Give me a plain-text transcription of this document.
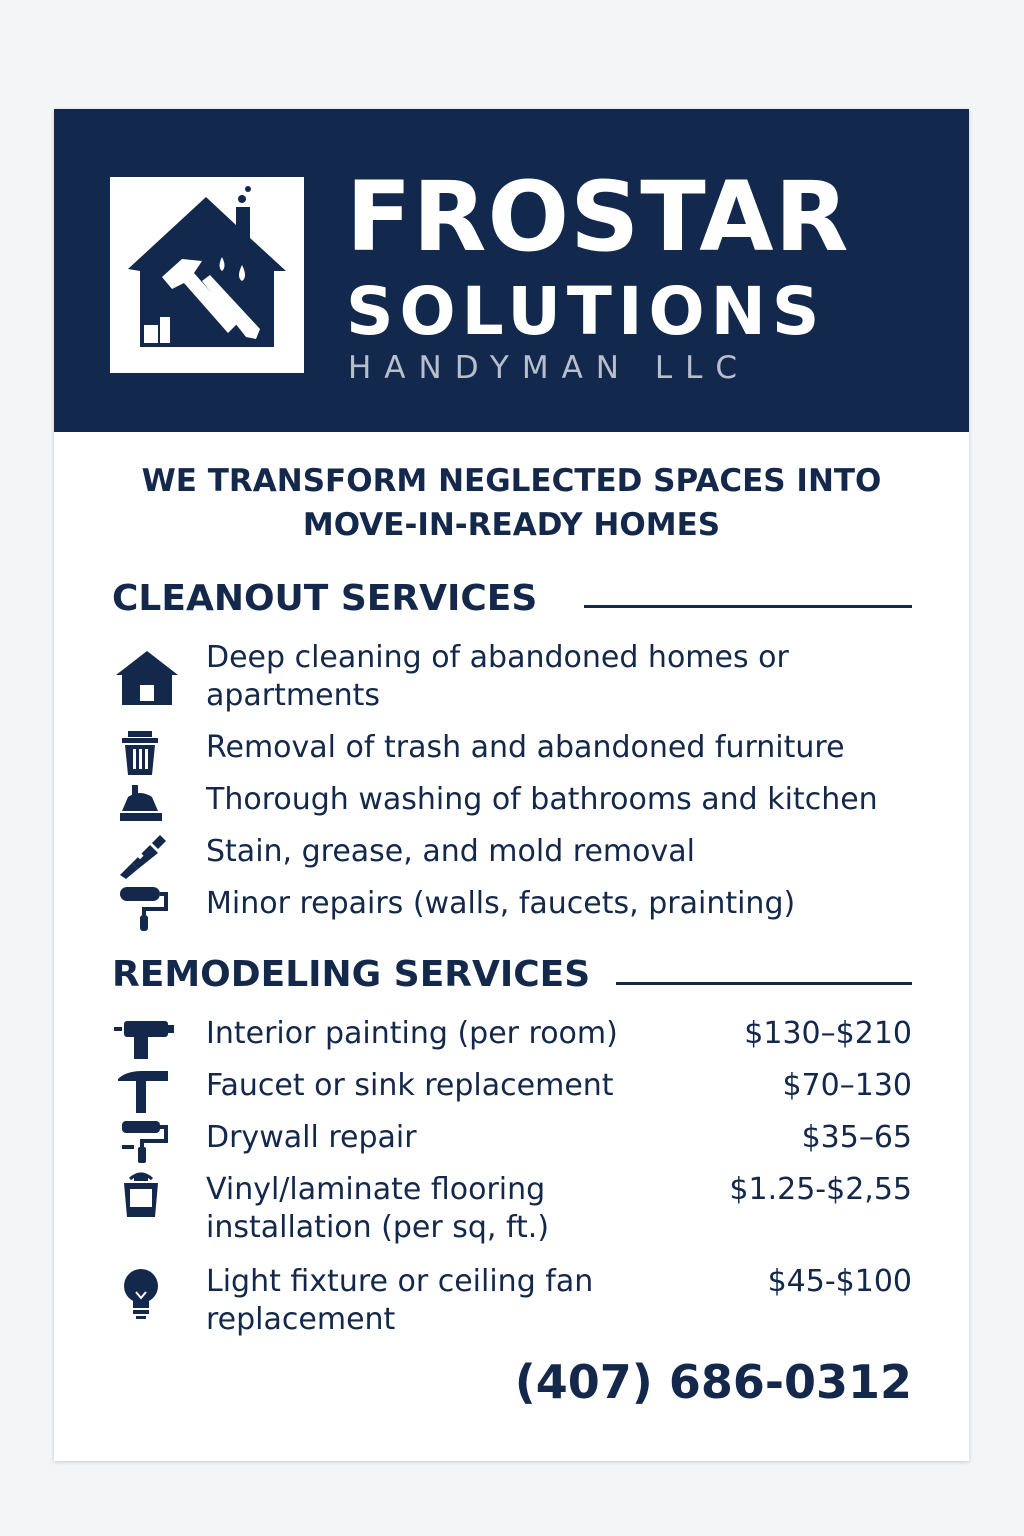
FROSTAR
SOLUTIONS
HANDYMAN LLC
WE TRANSFORM NEGLECTED SPACES INTO
MOVE-IN-READY HOMES
CLEANOUT SERVICES
Deep cleaning of abandoned homes or apartments
Removal of trash and abandoned furniture
Thorough washing of bathrooms and kitchen
Stain, grease, and mold removal
Minor repairs (walls, faucets, prainting)
REMODELING SERVICES
Interior painting (per room)	$130–$210
Faucet or sink replacement	$70–130
Drywall repair	$35–65
Vinyl/laminate flooring installation (per sq, ft.)
$1.25-$2,55
Light fixture or ceiling fan replacement
$45-$100
(407) 686-0312
